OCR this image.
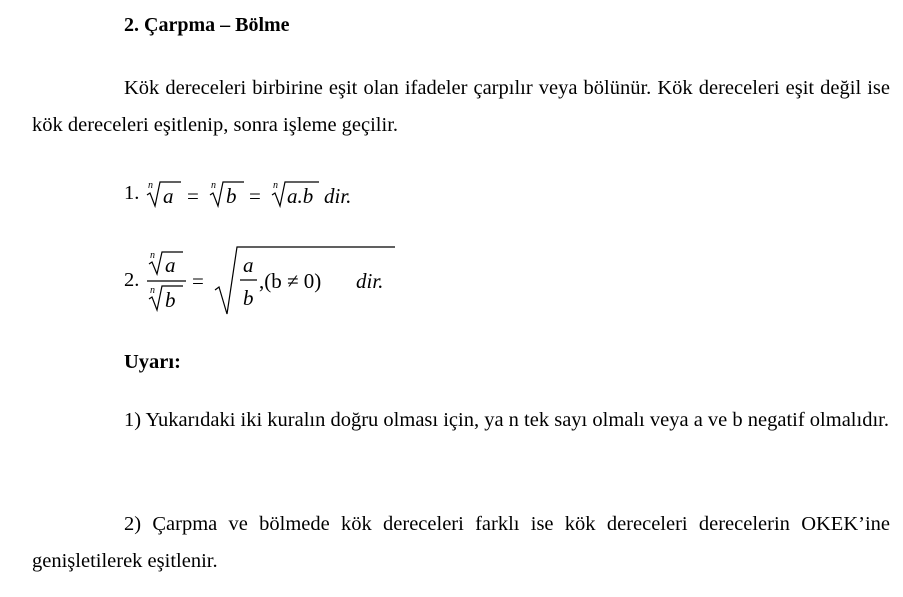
2. Çarpma – Bölme
Kök dereceleri birbirine eşit olan ifadeler çarpılır veya bölünür. Kök dereceleri eşit değil ise kök dereceleri eşitlenip, sonra işleme geçilir.
1. n a = n b = n a.b dir.
2.
n a
n b
=
a
b
,(b ≠ 0) dir.
Uyarı:
1) Yukarıdaki iki kuralın doğru olması için, ya n tek sayı olmalı veya a ve b negatif olmalıdır.
2) Çarpma ve bölmede kök dereceleri farklı ise kök dereceleri derecelerin OKEK’ine genişletilerek eşitlenir.
